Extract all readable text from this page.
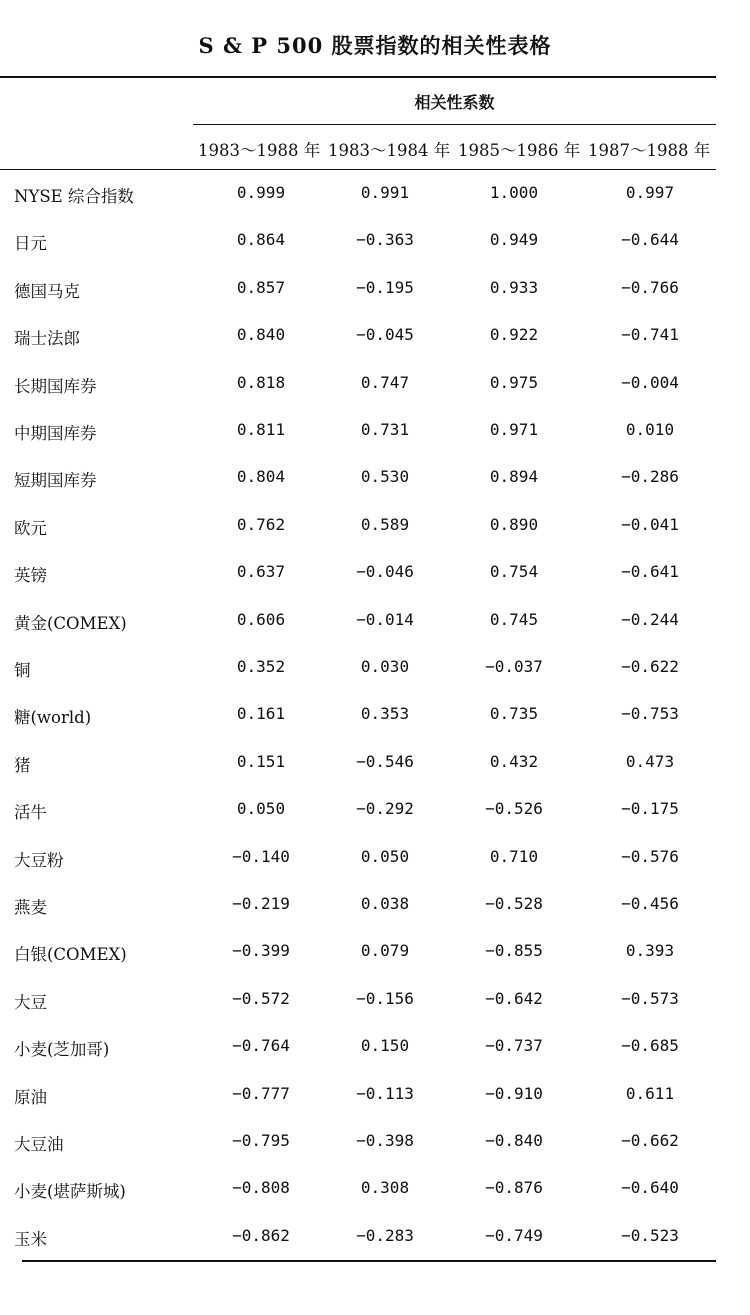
S & P 500 股票指数的相关性表格
相关性系数
1983～1988 年 1983～1984 年 1985～1986 年 1987～1988 年
NYSE 综合指数	0.999	0.991	1.000	0.997
日元	0.864	−0.363	0.949	−0.644
德国马克	0.857	−0.195	0.933	−0.766
瑞士法郎	0.840	−0.045	0.922	−0.741
长期国库券	0.818	0.747	0.975	−0.004
中期国库券	0.811	0.731	0.971	0.010
短期国库券	0.804	0.530	0.894	−0.286
欧元	0.762	0.589	0.890	−0.041
英镑	0.637	−0.046	0.754	−0.641
黄金(COMEX)	0.606	−0.014	0.745	−0.244
铜	0.352	0.030	−0.037	−0.622
糖(world)	0.161	0.353	0.735	−0.753
猪	0.151	−0.546	0.432	0.473
活牛	0.050	−0.292	−0.526	−0.175
大豆粉	−0.140	0.050	0.710	−0.576
燕麦	−0.219	0.038	−0.528	−0.456
白银(COMEX)	−0.399	0.079	−0.855	0.393
大豆	−0.572	−0.156	−0.642	−0.573
小麦(芝加哥)	−0.764	0.150	−0.737	−0.685
原油	−0.777	−0.113	−0.910	0.611
大豆油	−0.795	−0.398	−0.840	−0.662
小麦(堪萨斯城)	−0.808	0.308	−0.876	−0.640
玉米	−0.862	−0.283	−0.749	−0.523
